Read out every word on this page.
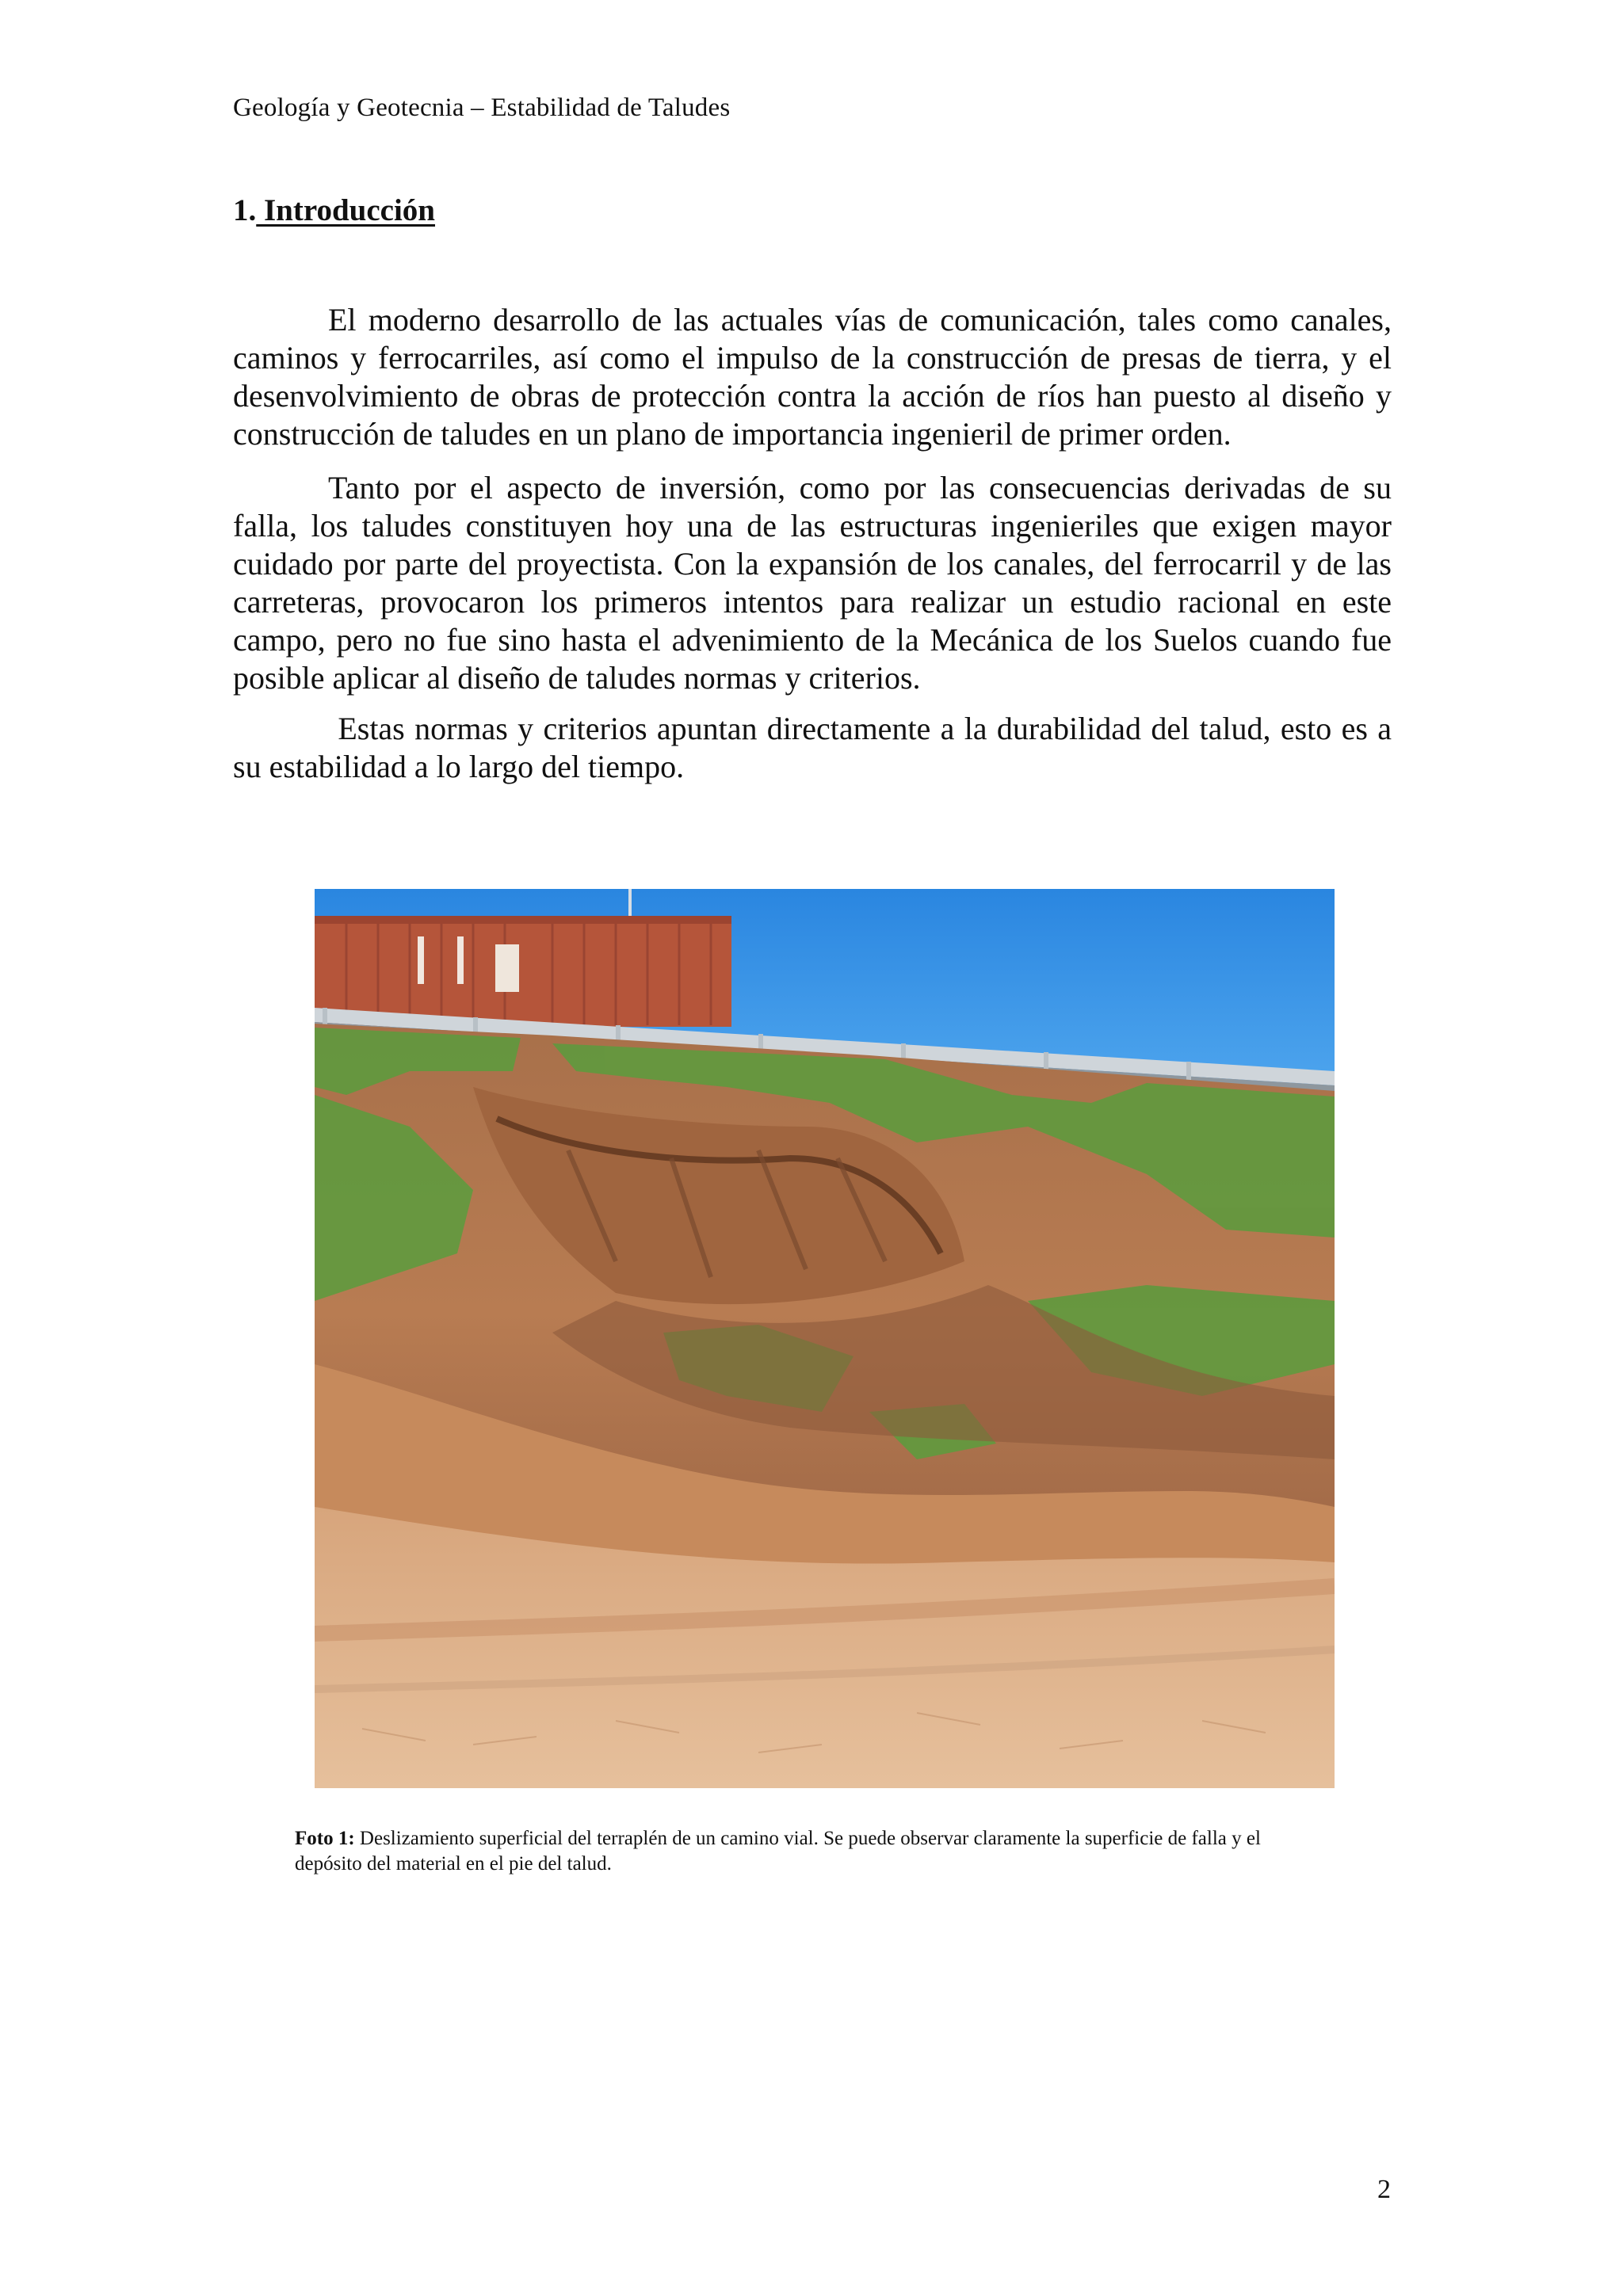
Geología y Geotecnia – Estabilidad de Taludes
1. Introducción

El moderno desarrollo de las actuales vías de comunicación, tales como canales, caminos y ferrocarriles, así como el impulso de la construcción de presas de tierra, y el desenvolvimiento de obras de protección contra la acción de ríos han puesto al diseño y construcción de taludes en un plano de importancia ingenieril de primer orden.

Tanto por el aspecto de inversión, como por las consecuencias derivadas de su falla, los taludes constituyen hoy una de las estructuras ingenieriles que exigen mayor cuidado por parte del proyectista. Con la expansión de los canales, del ferrocarril y de las carreteras, provocaron los primeros intentos para realizar un estudio racional en este campo, pero no fue sino hasta el advenimiento de la Mecánica de los Suelos cuando fue posible aplicar al diseño de taludes normas y criterios.

Estas normas y criterios apuntan directamente a la durabilidad del talud, esto es a su estabilidad a lo largo del tiempo.

Foto 1: Deslizamiento superficial del terraplén de un camino vial. Se puede observar claramente la superficie de falla y el depósito del material en el pie del talud.

2
